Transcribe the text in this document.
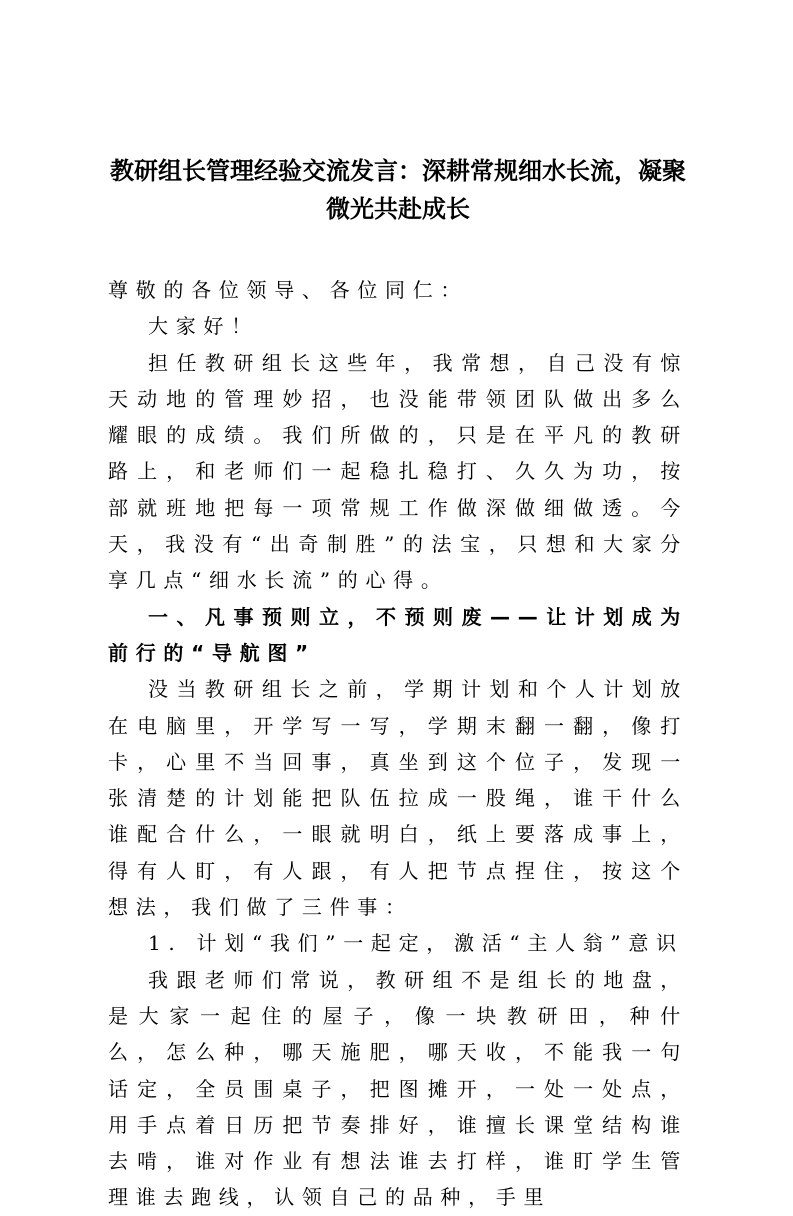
教研组长管理经验交流发言：深耕常规细水长流，凝聚微光共赴成长

尊敬的各位领导、各位同仁：

大家好！

担任教研组长这些年，我常想，自己没有惊天动地的管理妙招，也没能带领团队做出多么耀眼的成绩。我们所做的，只是在平凡的教研路上，和老师们一起稳扎稳打、久久为功，按部就班地把每一项常规工作做深做细做透。今天，我没有“出奇制胜”的法宝，只想和大家分享几点“细水长流”的心得。

一、凡事预则立，不预则废——让计划成为前行的“导航图”

没当教研组长之前，学期计划和个人计划放在电脑里，开学写一写，学期末翻一翻，像打卡，心里不当回事，真坐到这个位子，发现一张清楚的计划能把队伍拉成一股绳，谁干什么谁配合什么，一眼就明白，纸上要落成事上，得有人盯，有人跟，有人把节点捏住，按这个想法，我们做了三件事：

1. 计划“我们”一起定，激活“主人翁”意识

我跟老师们常说，教研组不是组长的地盘，是大家一起住的屋子，像一块教研田，种什么，怎么种，哪天施肥，哪天收，不能我一句话定，全员围桌子，把图摊开，一处一处点，用手点着日历把节奏排好，谁擅长课堂结构谁去啃，谁对作业有想法谁去打样，谁盯学生管理谁去跑线，认领自己的品种，手里
